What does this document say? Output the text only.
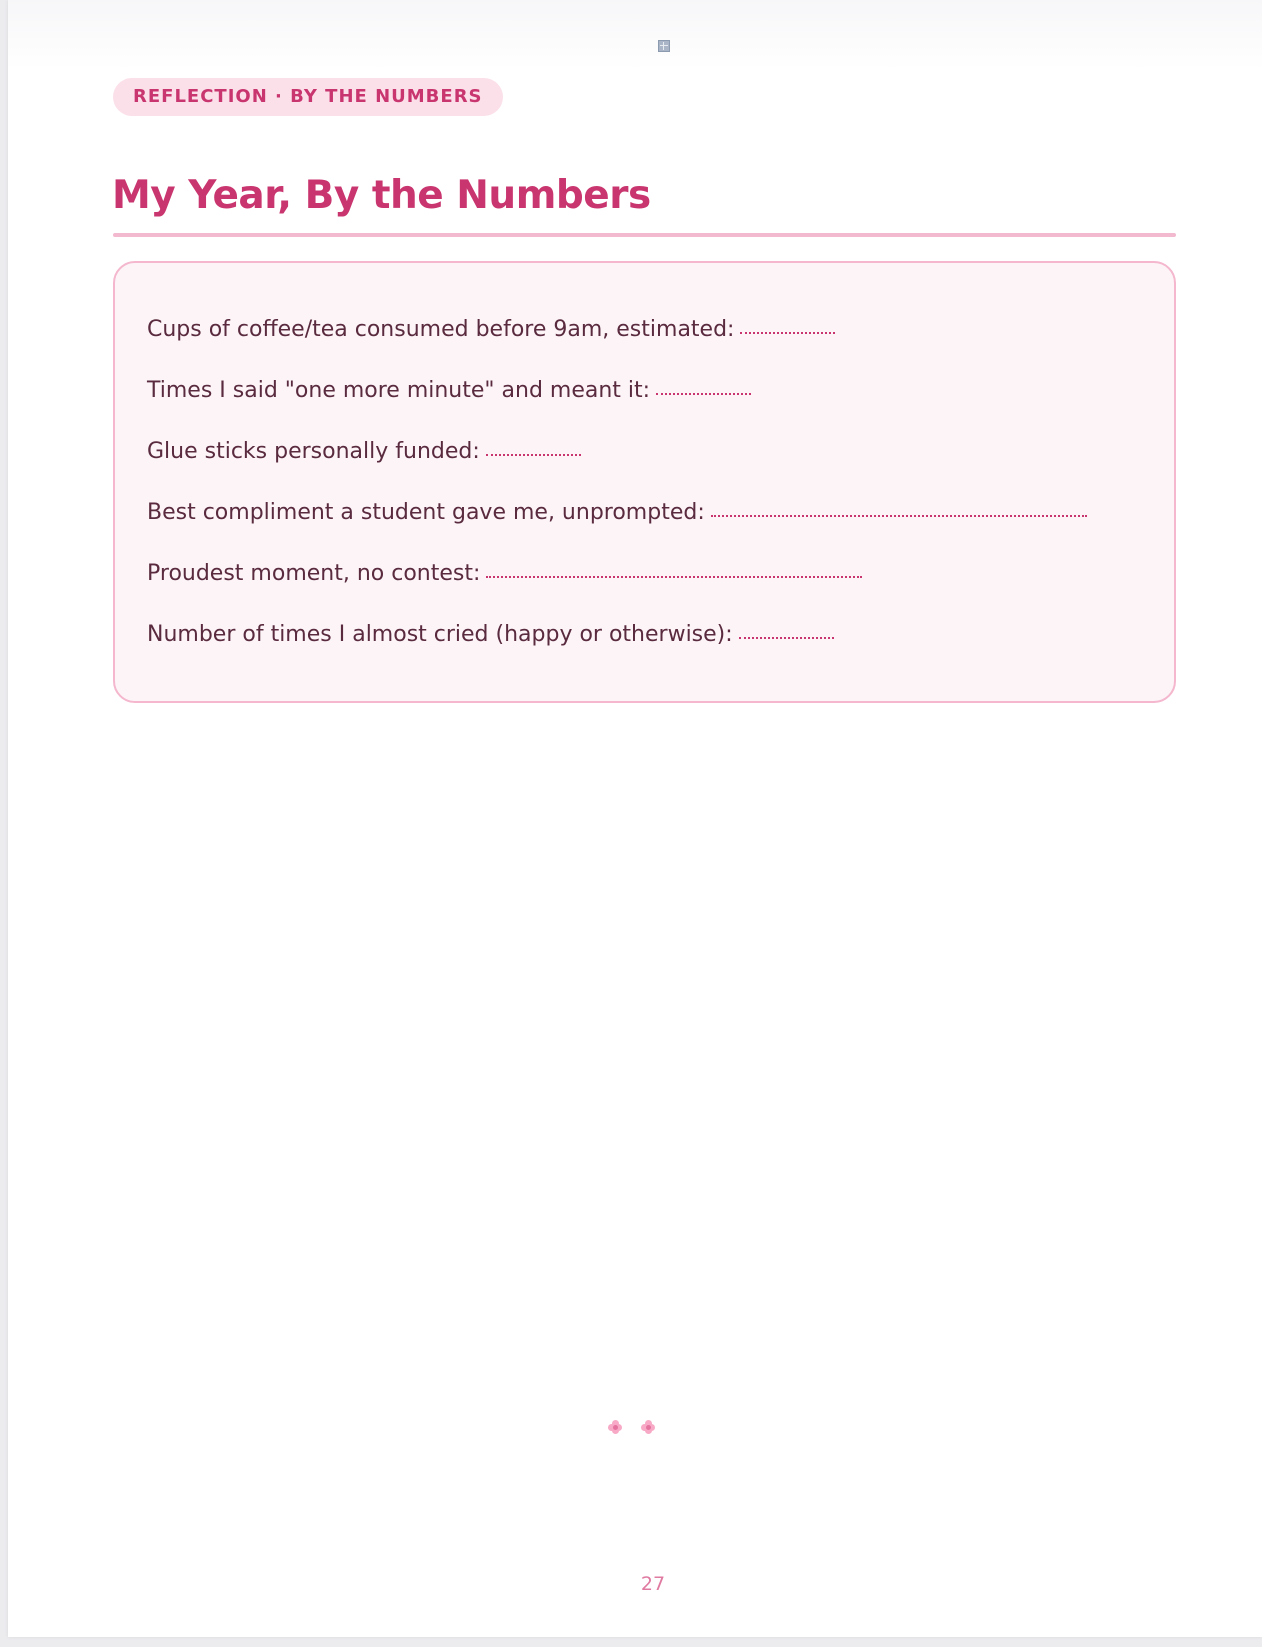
REFLECTION · BY THE NUMBERS
My Year, By the Numbers
Cups of coffee/tea consumed before 9am, estimated:
Times I said "one more minute" and meant it:
Glue sticks personally funded:
Best compliment a student gave me, unprompted:
Proudest moment, no contest:
Number of times I almost cried (happy or otherwise):
27
